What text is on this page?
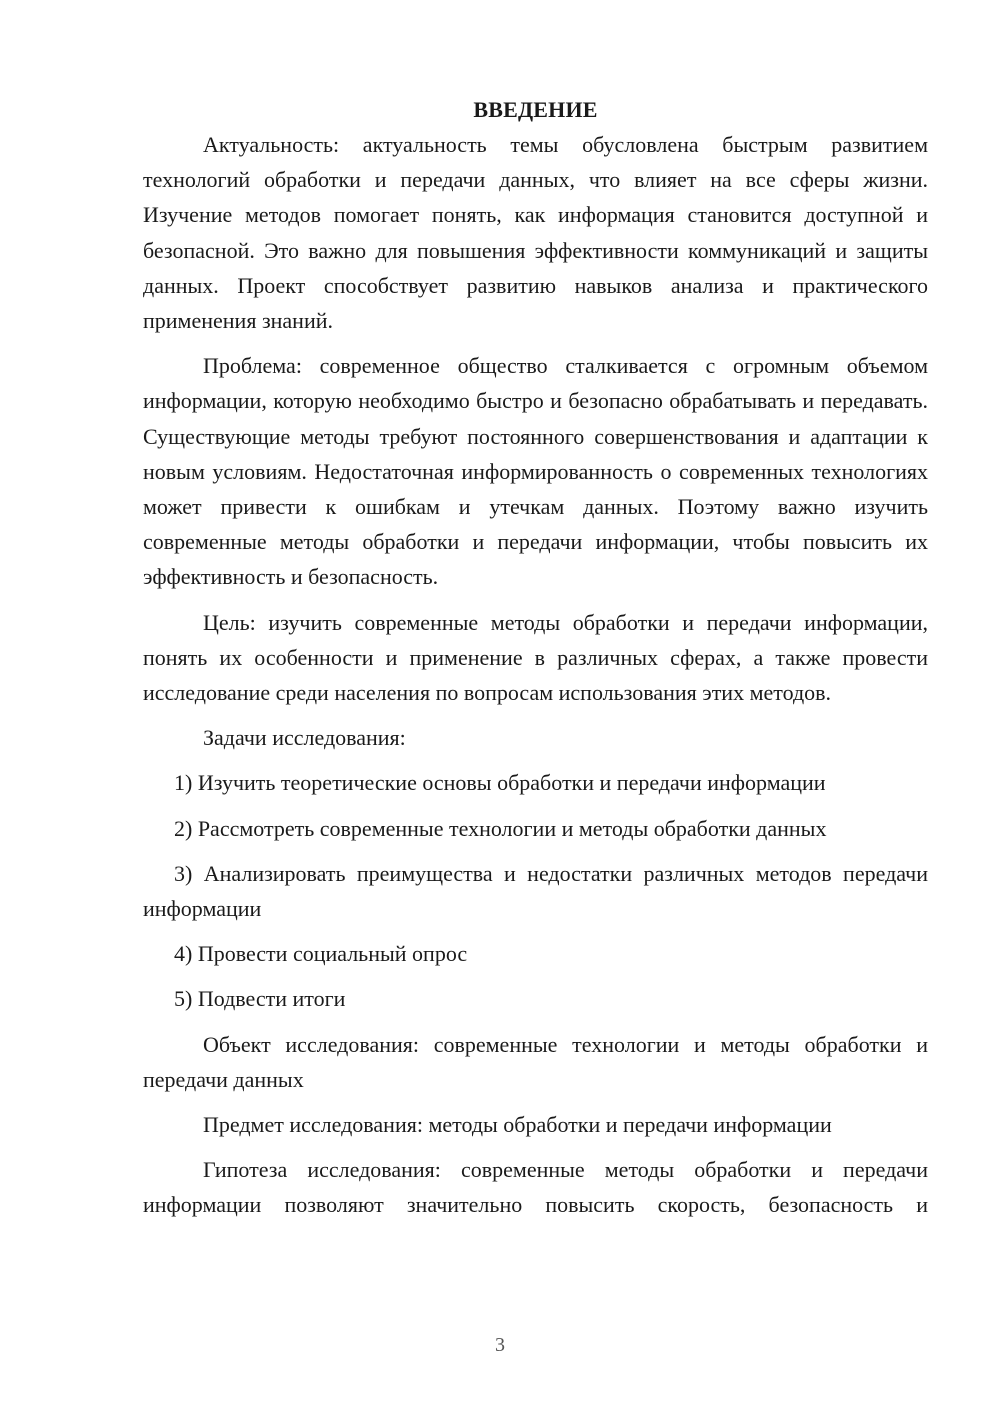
ВВЕДЕНИЕ

Актуальность: актуальность темы обусловлена быстрым развитием технологий обработки и передачи данных, что влияет на все сферы жизни. Изучение методов помогает понять, как информация становится доступной и безопасной. Это важно для повышения эффективности коммуникаций и защиты данных. Проект способствует развитию навыков анализа и практического применения знаний.

Проблема: современное общество сталкивается с огромным объемом информации, которую необходимо быстро и безопасно обрабатывать и передавать. Существующие методы требуют постоянного совершенствования и адаптации к новым условиям. Недостаточная информированность о современных технологиях может привести к ошибкам и утечкам данных. Поэтому важно изучить современные методы обработки и передачи информации, чтобы повысить их эффективность и безопасность.

Цель: изучить современные методы обработки и передачи информации, понять их особенности и применение в различных сферах, а также провести исследование среди населения по вопросам использования этих методов.

Задачи исследования:

1) Изучить теоретические основы обработки и передачи информации

2) Рассмотреть современные технологии и методы обработки данных

3) Анализировать преимущества и недостатки различных методов передачи информации

4) Провести социальный опрос

5) Подвести итоги

Объект исследования: современные технологии и методы обработки и передачи данных

Предмет исследования: методы обработки и передачи информации

Гипотеза исследования: современные методы обработки и передачи информации позволяют значительно повысить скорость, безопасность и

3
